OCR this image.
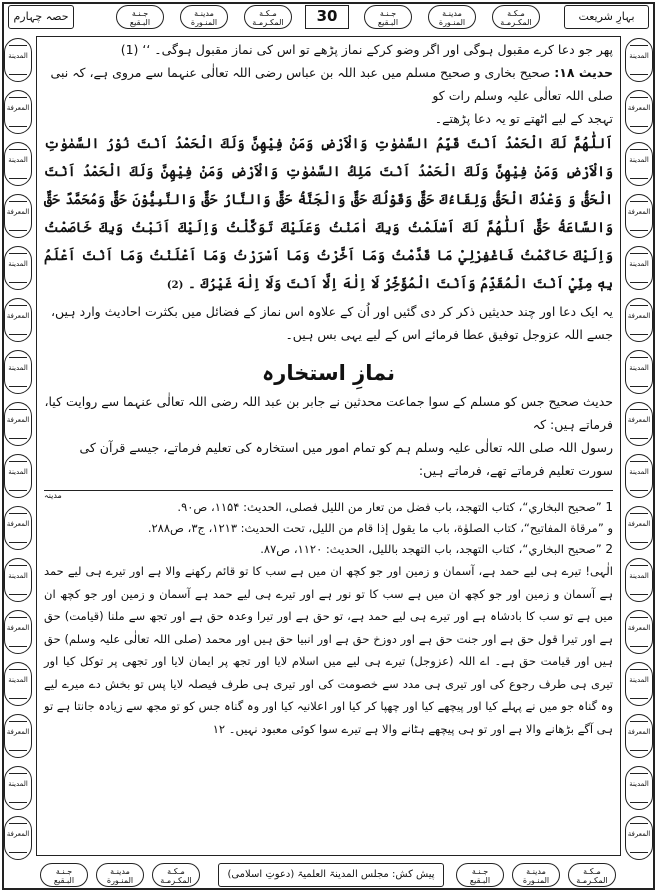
حصہ چہارم	جـنـة
البـقيع
مدينـة
المنـورة
مـكـة
المكـرمـة	30	جـنـة
البـقيع
مدينـة
المنـورة
مـكـة
المكـرمـة	بہارِ شریعت
المدينة
المعرفة
المدينة
المعرفة
المدينة
المعرفة
المدينة
المعرفة
المدينة
المعرفة
المدينة
المعرفة
المدينة
المعرفة
المدينة
المعرفة
المدينة
المعرفة
المدينة
المعرفة
المدينة
المعرفة
المدينة
المعرفة
المدينة
المعرفة
المدينة
المعرفة
المدينة
المعرفة
المدينة
المعرفة

پھر جو دعا کرے مقبول ہوگی اور اگر وضو کرکے نماز پڑھے تو اس کی نماز مقبول ہوگی۔ ‘‘ (1)

حدیث ۱۸: صحیح بخاری و صحیح مسلم میں عبد اللہ بن عباس رضی اللہ تعالٰی عنہما سے مروی ہے، کہ نبی صلی اللہ تعالٰی علیہ وسلم رات کو

تہجد کے لیے اٹھتے تو یہ دعا پڑھتے۔

اَللّٰهُمَّ لَكَ الْحَمْدُ اَنْتَ قَيِّمُ السَّمٰوٰتِ وَالْاَرْضِ وَمَنْ فِيْهِنَّ وَلَكَ الْحَمْدُ اَنْتَ نُوْرُ السَّمٰوٰتِ وَالْاَرْضِ وَمَنْ فِيْهِنَّ وَلَكَ الْحَمْدُ اَنْتَ مَلِكُ السَّمٰوٰتِ وَالْاَرْضِ وَمَنْ فِيْهِنَّ وَلَكَ الْحَمْدُ اَنْتَ الْحَقُّ وَ وَعْدُكَ الْحَقُّ وَلِقَاءُكَ حَقٌّ وَقَوْلُكَ حَقٌّ وَالْجَنَّةُ حَقٌّ وَالنَّارُ حَقٌّ وَالنَّبِيُّوْنَ حَقٌّ وَمُحَمَّدٌ حَقٌّ وَالسَّاعَةُ حَقٌّ اَللّٰهُمَّ لَكَ اَسْلَمْتُ وَبِكَ اٰمَنْتُ وَعَلَيْكَ تَوَكَّلْتُ وَاِلَيْكَ اَنَبْتُ وَبِكَ خَاصَمْتُ وَاِلَيْكَ حَاكَمْتُ فَاغْفِرْلِيْ مَا قَدَّمْتُ وَمَا اَخَّرْتُ وَمَا اَسْرَرْتُ وَمَا اَعْلَنْتُ وَمَا اَنْتَ اَعْلَمُ بِهٖ مِنِّيْ اَنْتَ الْمُقَدِّمُ وَاَنْتَ الْمُؤَخِّرُ لَا اِلٰهَ اِلَّا اَنْتَ وَلَا اِلٰهَ غَيْرُكَ ۔ (2)

یہ ایک دعا اور چند حدیثیں ذکر کر دی گئیں اور اُن کے علاوہ اس نماز کے فضائل میں بکثرت احادیث وارد ہیں، جسے اللہ عزوجل توفیق عطا فرمائے اس کے لیے یہی بس ہیں۔

نمازِ استخارہ

حدیث صحیح جس کو مسلم کے سوا جماعت محدثین نے جابر بن عبد اللہ رضی اللہ تعالٰی عنہما سے روایت کیا، فرماتے ہیں: کہ

رسول اللہ صلی اللہ تعالٰی علیہ وسلم ہم کو تمام امور میں استخارہ کی تعلیم فرماتے، جیسے قرآن کی سورت تعلیم فرماتے تھے، فرماتے ہیں:

مدینہ

1 ”صحيح البخاري“، كتاب التهجد، باب فضل من تعار من الليل فصلى، الحديث: ۱۱۵۴، ص۹۰.

و ”مرقاة المفاتيح“، كتاب الصلوٰة، باب ما يقول إذا قام من الليل، تحت الحديث: ۱۲۱۳، ج۳، ص۲۸۸.

2 ”صحيح البخاري“، كتاب التهجد، باب التهجد بالليل، الحديث: ۱۱۲۰، ص۸۷.

الٰہی! تیرے ہی لیے حمد ہے، آسمان و زمین اور جو کچھ ان میں ہے سب کا تو قائم رکھنے والا ہے اور تیرے ہی لیے حمد ہے آسمان و زمین اور جو کچھ ان میں ہے سب کا تو نور ہے اور تیرے ہی لیے حمد ہے آسمان و زمین اور جو کچھ ان میں ہے تو سب کا بادشاہ ہے اور تیرے ہی لیے حمد ہے، تو حق ہے اور تیرا وعدہ حق ہے اور تجھ سے ملنا (قیامت) حق ہے اور تیرا قول حق ہے اور جنت حق ہے اور دوزخ حق ہے اور انبیا حق ہیں اور محمد (صلی اللہ تعالٰی علیہ وسلم) حق ہیں اور قیامت حق ہے۔ اے اللہ (عزوجل) تیرے ہی لیے میں اسلام لایا اور تجھ پر ایمان لایا اور تجھی پر توکل کیا اور تیری ہی طرف رجوع کی اور تیری ہی مدد سے خصومت کی اور تیری ہی طرف فیصلہ لایا پس تو بخش دے میرے لیے وہ گناہ جو میں نے پہلے کیا اور پیچھے کیا اور چھپا کر کیا اور اعلانیہ کیا اور وہ گناہ جس کو تو مجھ سے زیادہ جانتا ہے تو ہی آگے بڑھانے والا ہے اور تو ہی پیچھے ہٹانے والا ہے تیرے سوا کوئی معبود نہیں۔ ۱۲

جـنـة
البـقيع
مدينـة
المنـورة
مـكـة
المكـرمـة
پیش کش: مجلس المدینۃ العلمیۃ (دعوتِ اسلامی)	جـنـة
البـقيع
مدينـة
المنـورة
مـكـة
المكـرمـة
